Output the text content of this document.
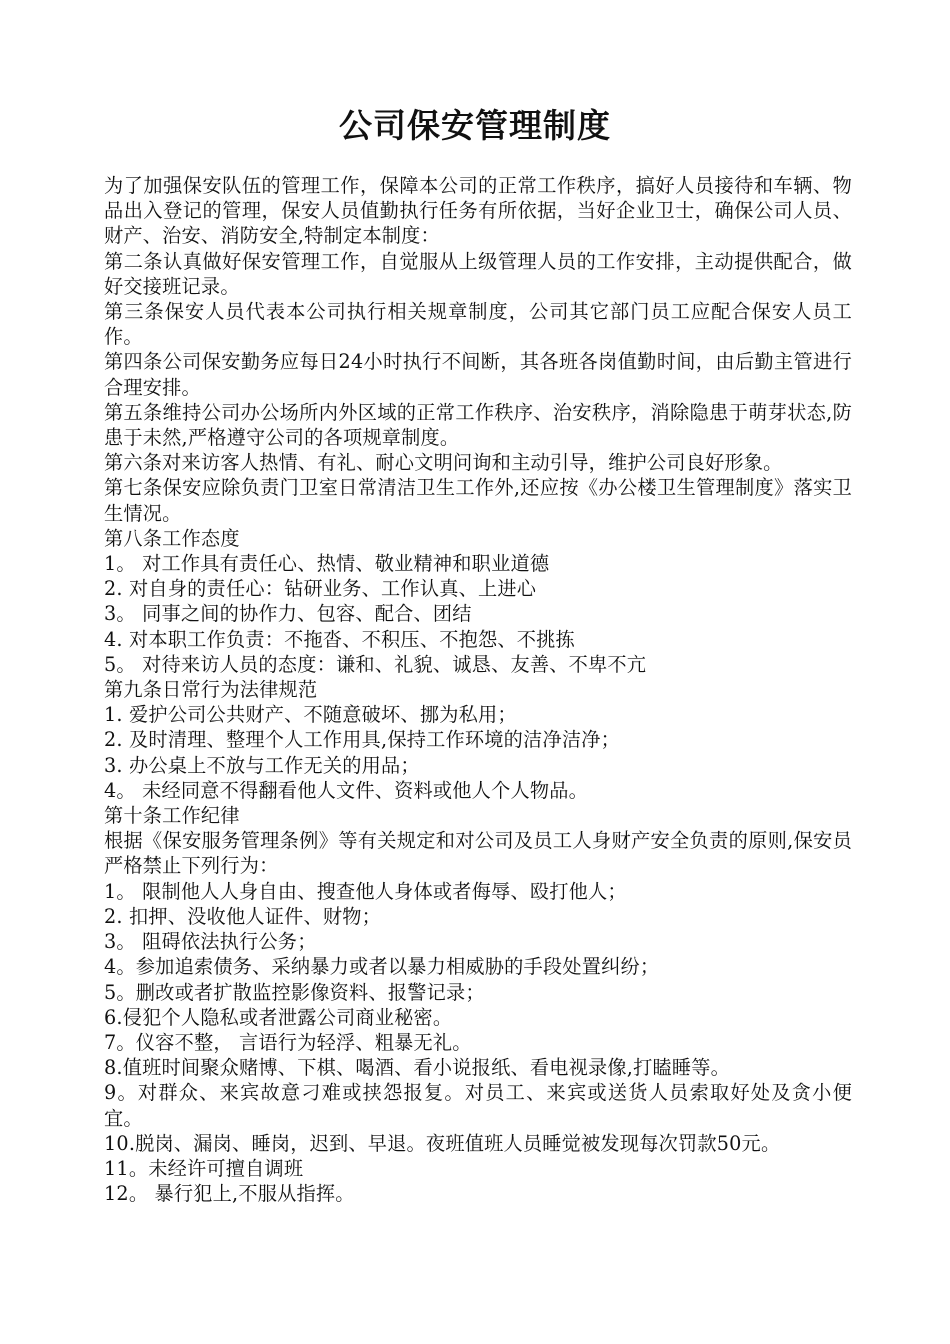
公司保安管理制度

为了加强保安队伍的管理工作，保障本公司的正常工作秩序，搞好人员接待和车辆、物品出入登记的管理，保安人员值勤执行任务有所依据，当好企业卫士，确保公司人员、财产、治安、消防安全,特制定本制度：

第二条认真做好保安管理工作，自觉服从上级管理人员的工作安排，主动提供配合，做好交接班记录。

第三条保安人员代表本公司执行相关规章制度，公司其它部门员工应配合保安人员工作。

第四条公司保安勤务应每日24小时执行不间断，其各班各岗值勤时间，由后勤主管进行合理安排。

第五条维持公司办公场所内外区域的正常工作秩序、治安秩序，消除隐患于萌芽状态,防患于未然,严格遵守公司的各项规章制度。

第六条对来访客人热情、有礼、耐心文明问询和主动引导，维护公司良好形象。

第七条保安应除负责门卫室日常清洁卫生工作外,还应按《办公楼卫生管理制度》落实卫生情况。

第八条工作态度

1。 对工作具有责任心、热情、敬业精神和职业道德

2. 对自身的责任心：钻研业务、工作认真、上进心

3。 同事之间的协作力、包容、配合、团结

4. 对本职工作负责：不拖沓、不积压、不抱怨、不挑拣

5。 对待来访人员的态度：谦和、礼貌、诚恳、友善、不卑不亢

第九条日常行为法律规范

1. 爱护公司公共财产、不随意破坏、挪为私用；

2. 及时清理、整理个人工作用具,保持工作环境的洁净洁净；

3. 办公桌上不放与工作无关的用品；

4。 未经同意不得翻看他人文件、资料或他人个人物品。

第十条工作纪律

根据《保安服务管理条例》等有关规定和对公司及员工人身财产安全负责的原则,保安员严格禁止下列行为：

1。 限制他人人身自由、搜查他人身体或者侮辱、殴打他人；

2. 扣押、没收他人证件、财物；

3。 阻碍依法执行公务；

4。参加追索债务、采纳暴力或者以暴力相威胁的手段处置纠纷；

5。删改或者扩散监控影像资料、报警记录；

6.侵犯个人隐私或者泄露公司商业秘密。

7。仪容不整， 言语行为轻浮、粗暴无礼。

8.值班时间聚众赌博、下棋、喝酒、看小说报纸、看电视录像,打瞌睡等。

9。对群众、来宾故意刁难或挟怨报复。对员工、来宾或送货人员索取好处及贪小便宜。

10.脱岗、漏岗、睡岗，迟到、早退。夜班值班人员睡觉被发现每次罚款50元。

11。未经许可擅自调班

12。 暴行犯上,不服从指挥。
